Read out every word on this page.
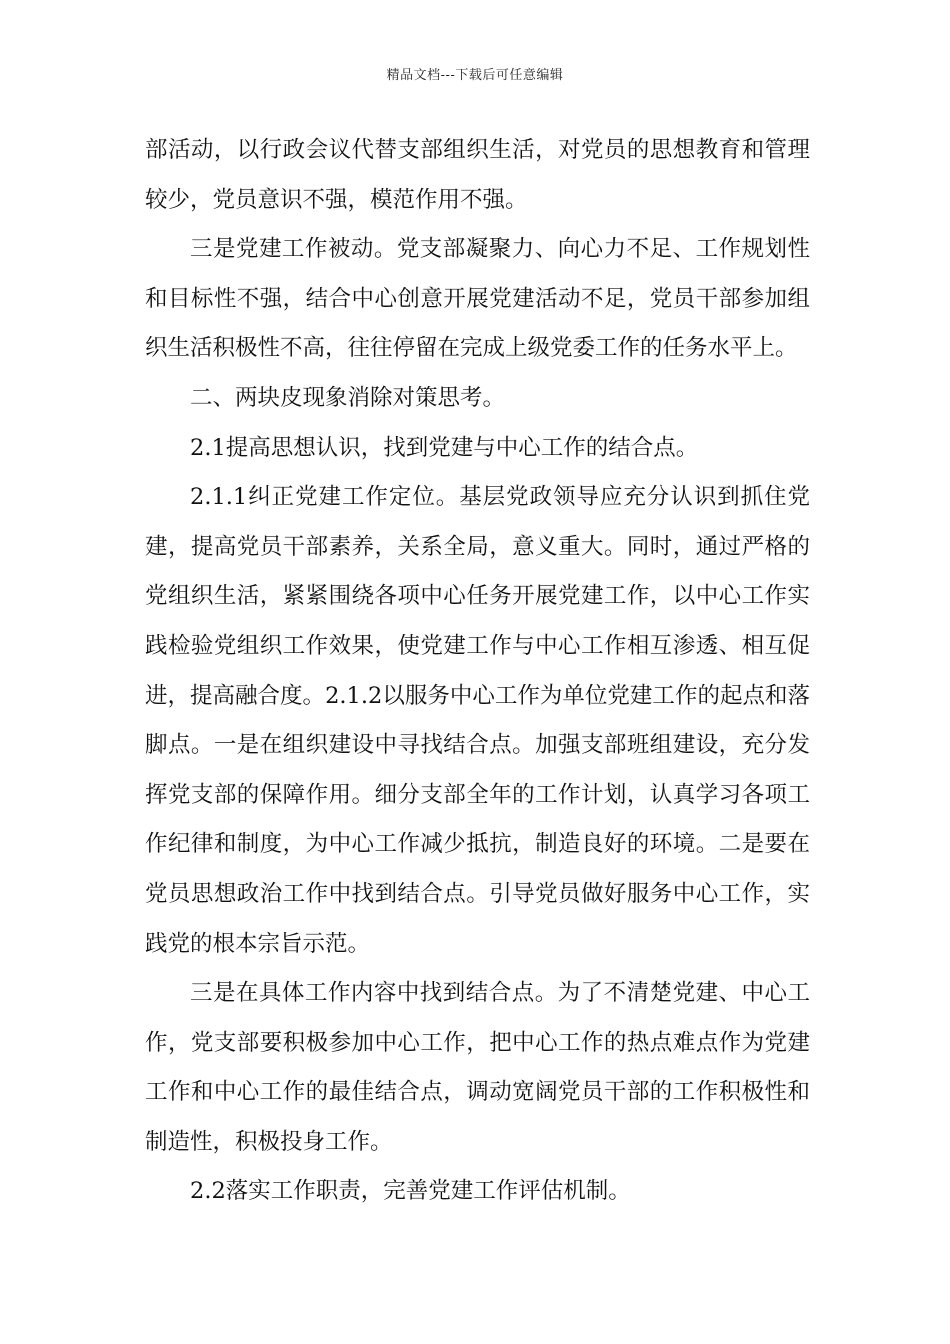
精品文档---下载后可任意编辑

部活动，以行政会议代替支部组织生活，对党员的思想教育和管理较少，党员意识不强，模范作用不强。

三是党建工作被动。党支部凝聚力、向心力不足、工作规划性和目标性不强，结合中心创意开展党建活动不足，党员干部参加组织生活积极性不高，往往停留在完成上级党委工作的任务水平上。

二、两块皮现象消除对策思考。

2.1提高思想认识，找到党建与中心工作的结合点。

2.1.1纠正党建工作定位。基层党政领导应充分认识到抓住党建，提高党员干部素养，关系全局，意义重大。同时，通过严格的党组织生活，紧紧围绕各项中心任务开展党建工作，以中心工作实践检验党组织工作效果，使党建工作与中心工作相互渗透、相互促进，提高融合度。2.1.2以服务中心工作为单位党建工作的起点和落脚点。一是在组织建设中寻找结合点。加强支部班组建设，充分发挥党支部的保障作用。细分支部全年的工作计划，认真学习各项工作纪律和制度，为中心工作减少抵抗，制造良好的环境。二是要在党员思想政治工作中找到结合点。引导党员做好服务中心工作，实践党的根本宗旨示范。

三是在具体工作内容中找到结合点。为了不清楚党建、中心工作，党支部要积极参加中心工作，把中心工作的热点难点作为党建工作和中心工作的最佳结合点，调动宽阔党员干部的工作积极性和制造性，积极投身工作。

2.2落实工作职责，完善党建工作评估机制。
